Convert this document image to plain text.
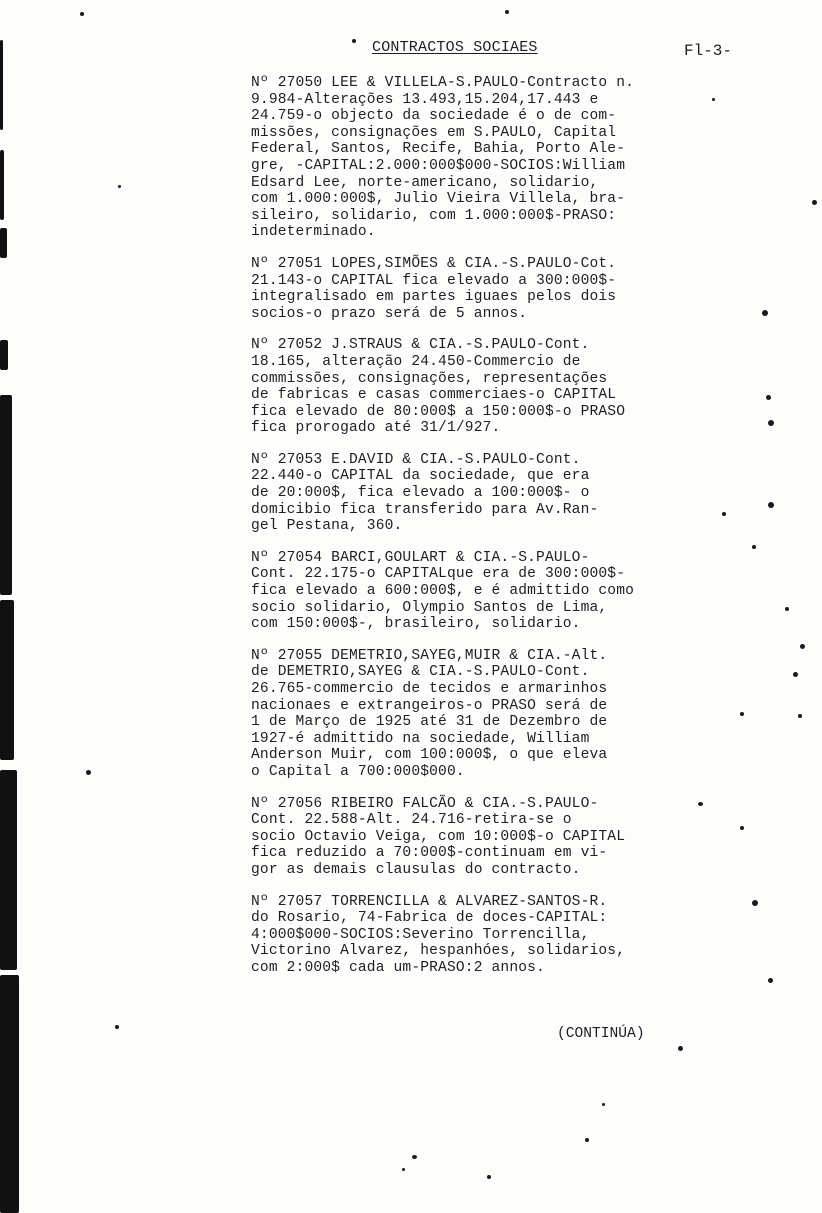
CONTRACTOS SOCIAES	Fl-3-
Nº 27050 LEE & VILLELA-S.PAULO-Contracto n.
9.984-Alterações 13.493,15.204,17.443 e
24.759-o objecto da sociedade é o de com-
missões, consignações em S.PAULO, Capital
Federal, Santos, Recife, Bahia, Porto Ale-
gre, -CAPITAL:2.000:000$000-SOCIOS:William
Edsard Lee, norte-americano, solidario,
com 1.000:000$, Julio Vieira Villela, bra-
sileiro, solidario, com 1.000:000$-PRASO:
indeterminado.
Nº 27051 LOPES,SIMÕES & CIA.-S.PAULO-Cot.
21.143-o CAPITAL fica elevado a 300:000$-
integralisado em partes iguaes pelos dois
socios-o prazo será de 5 annos.
Nº 27052 J.STRAUS & CIA.-S.PAULO-Cont.
18.165, alteração 24.450-Commercio de
commissões, consignações, representações
de fabricas e casas commerciaes-o CAPITAL
fica elevado de 80:000$ a 150:000$-o PRASO
fica prorogado até 31/1/927.
Nº 27053 E.DAVID & CIA.-S.PAULO-Cont.
22.440-o CAPITAL da sociedade, que era
de 20:000$, fica elevado a 100:000$- o
domicibio fica transferido para Av.Ran-
gel Pestana, 360.
Nº 27054 BARCI,GOULART & CIA.-S.PAULO-
Cont. 22.175-o CAPITALque era de 300:000$-
fica elevado a 600:000$, e é admittido como
socio solidario, Olympio Santos de Lima,
com 150:000$-, brasileiro, solidario.
Nº 27055 DEMETRIO,SAYEG,MUIR & CIA.-Alt.
de DEMETRIO,SAYEG & CIA.-S.PAULO-Cont.
26.765-commercio de tecidos e armarinhos
nacionaes e extrangeiros-o PRASO será de
1 de Março de 1925 até 31 de Dezembro de
1927-é admittido na sociedade, William
Anderson Muir, com 100:000$, o que eleva
o Capital a 700:000$000.
Nº 27056 RIBEIRO FALCÃO & CIA.-S.PAULO-
Cont. 22.588-Alt. 24.716-retira-se o
socio Octavio Veiga, com 10:000$-o CAPITAL
fica reduzido a 70:000$-continuam em vi-
gor as demais clausulas do contracto.
Nº 27057 TORRENCILLA & ALVAREZ-SANTOS-R.
do Rosario, 74-Fabrica de doces-CAPITAL:
4:000$000-SOCIOS:Severino Torrencilla,
Victorino Alvarez, hespanhóes, solidarios,
com 2:000$ cada um-PRASO:2 annos.
(CONTINÚA)
